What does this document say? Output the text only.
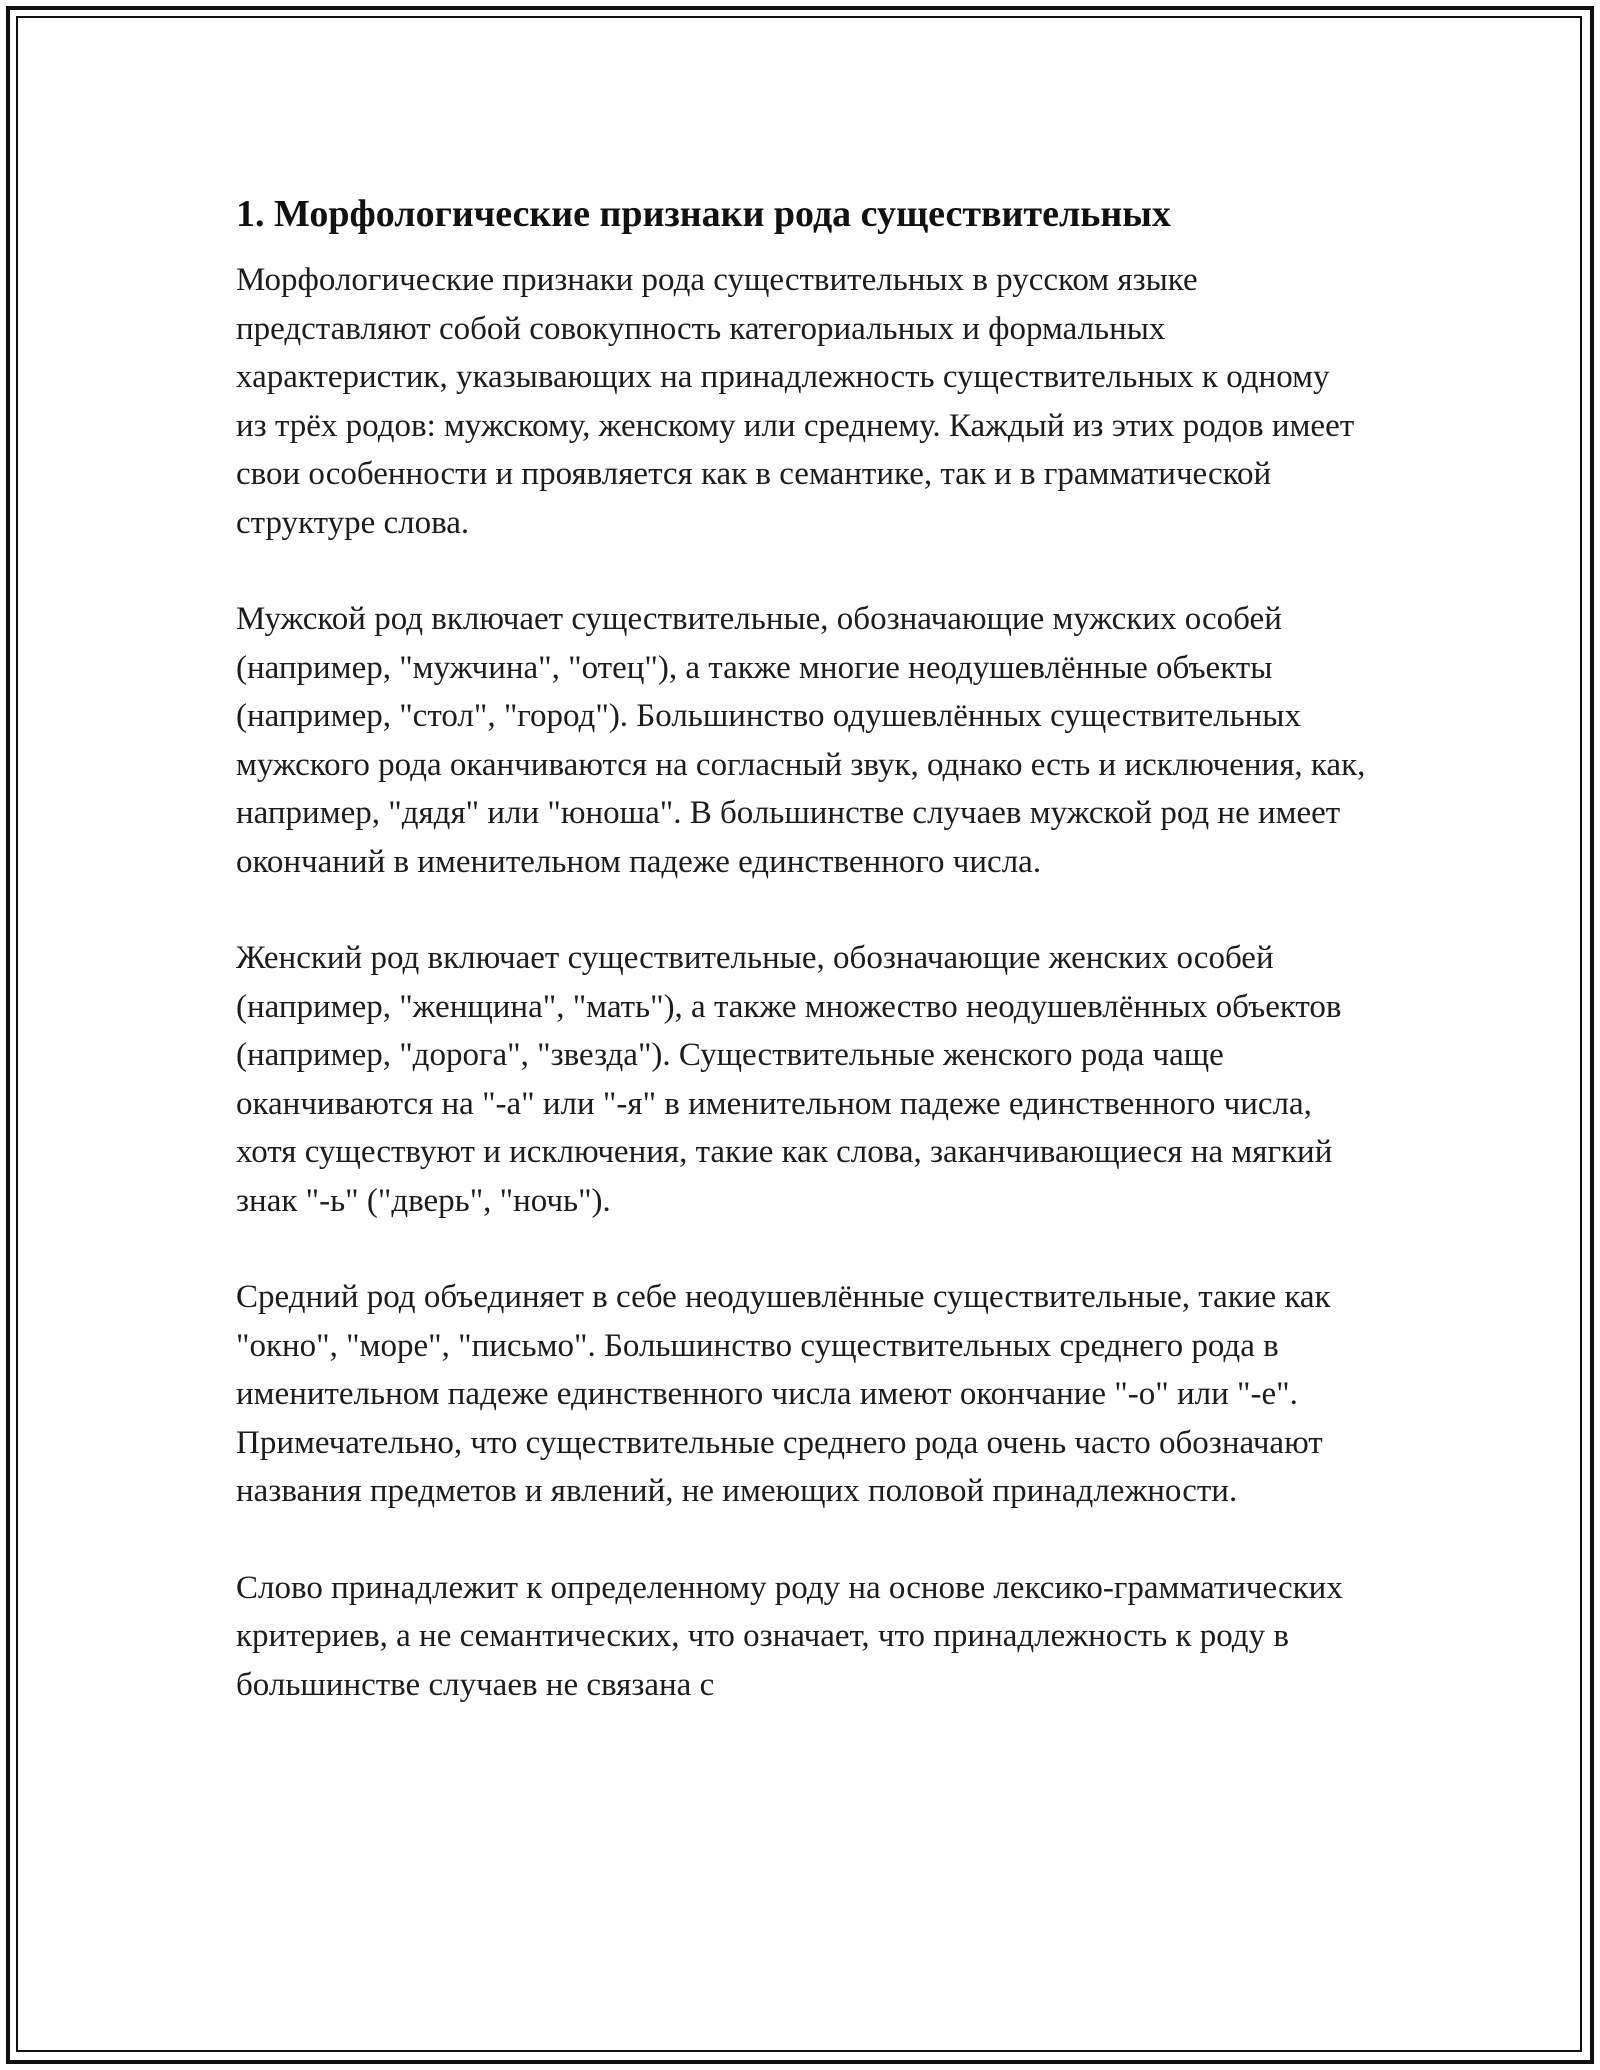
1. Морфологические признаки рода существительных

Морфологические признаки рода существительных в русском языке представляют собой совокупность категориальных и формальных характеристик, указывающих на принадлежность существительных к одному из трёх родов: мужскому, женскому или среднему. Каждый из этих родов имеет свои особенности и проявляется как в семантике, так и в грамматической структуре слова.

Мужской род включает существительные, обозначающие мужских особей (например, "мужчина", "отец"), а также многие неодушевлённые объекты (например, "стол", "город"). Большинство одушевлённых существительных мужского рода оканчиваются на согласный звук, однако есть и исключения, как, например, "дядя" или "юноша". В большинстве случаев мужской род не имеет окончаний в именительном падеже единственного числа.

Женский род включает существительные, обозначающие женских особей (например, "женщина", "мать"), а также множество неодушевлённых объектов (например, "дорога", "звезда"). Существительные женского рода чаще оканчиваются на "-а" или "-я" в именительном падеже единственного числа, хотя существуют и исключения, такие как слова, заканчивающиеся на мягкий знак "-ь" ("дверь", "ночь").

Средний род объединяет в себе неодушевлённые существительные, такие как "окно", "море", "письмо". Большинство существительных среднего рода в именительном падеже единственного числа имеют окончание "-о" или "-е". Примечательно, что существительные среднего рода очень часто обозначают названия предметов и явлений, не имеющих половой принадлежности.

Слово принадлежит к определенному роду на основе лексико-грамматических критериев, а не семантических, что означает, что принадлежность к роду в большинстве случаев не связана с
